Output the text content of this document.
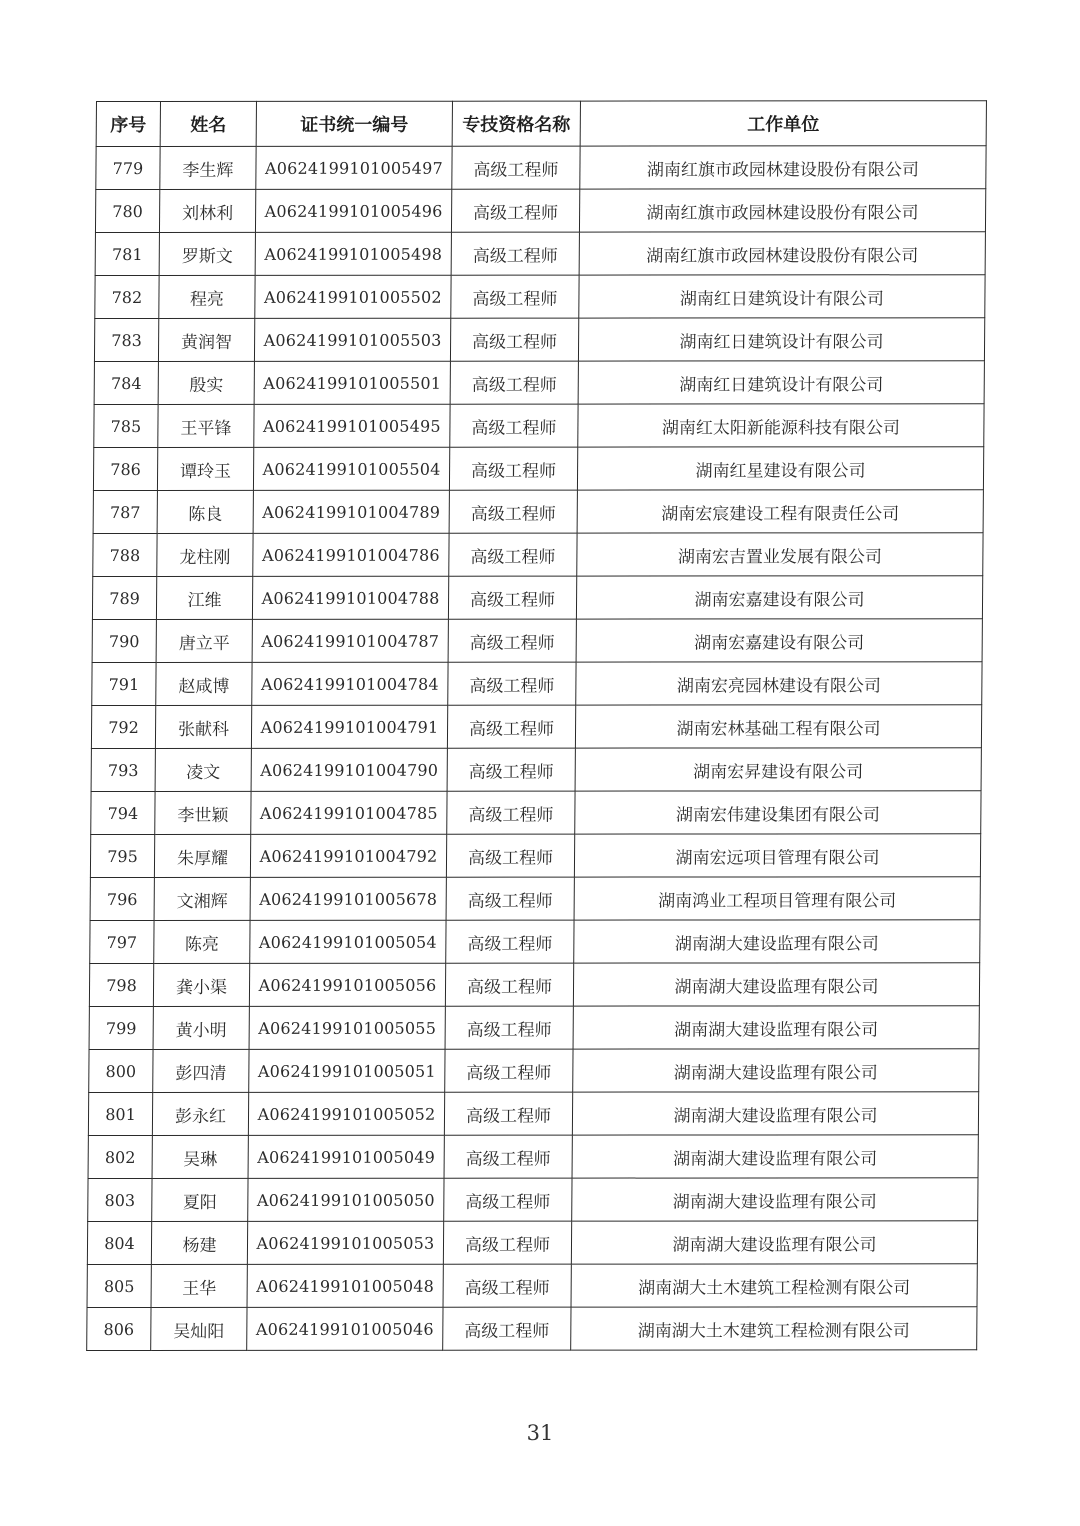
序号	姓名	证书统一编号	专技资格名称	工作单位
779	李生辉	A0624199101005497	高级工程师	湖南红旗市政园林建设股份有限公司
780	刘林利	A0624199101005496	高级工程师	湖南红旗市政园林建设股份有限公司
781	罗斯文	A0624199101005498	高级工程师	湖南红旗市政园林建设股份有限公司
782	程亮	A0624199101005502	高级工程师	湖南红日建筑设计有限公司
783	黄润智	A0624199101005503	高级工程师	湖南红日建筑设计有限公司
784	殷实	A0624199101005501	高级工程师	湖南红日建筑设计有限公司
785	王平锋	A0624199101005495	高级工程师	湖南红太阳新能源科技有限公司
786	谭玲玉	A0624199101005504	高级工程师	湖南红星建设有限公司
787	陈良	A0624199101004789	高级工程师	湖南宏宸建设工程有限责任公司
788	龙柱刚	A0624199101004786	高级工程师	湖南宏吉置业发展有限公司
789	江维	A0624199101004788	高级工程师	湖南宏嘉建设有限公司
790	唐立平	A0624199101004787	高级工程师	湖南宏嘉建设有限公司
791	赵咸博	A0624199101004784	高级工程师	湖南宏亮园林建设有限公司
792	张献科	A0624199101004791	高级工程师	湖南宏林基础工程有限公司
793	凌文	A0624199101004790	高级工程师	湖南宏昇建设有限公司
794	李世颖	A0624199101004785	高级工程师	湖南宏伟建设集团有限公司
795	朱厚耀	A0624199101004792	高级工程师	湖南宏远项目管理有限公司
796	文湘辉	A0624199101005678	高级工程师	湖南鸿业工程项目管理有限公司
797	陈亮	A0624199101005054	高级工程师	湖南湖大建设监理有限公司
798	龚小渠	A0624199101005056	高级工程师	湖南湖大建设监理有限公司
799	黄小明	A0624199101005055	高级工程师	湖南湖大建设监理有限公司
800	彭四清	A0624199101005051	高级工程师	湖南湖大建设监理有限公司
801	彭永红	A0624199101005052	高级工程师	湖南湖大建设监理有限公司
802	吴琳	A0624199101005049	高级工程师	湖南湖大建设监理有限公司
803	夏阳	A0624199101005050	高级工程师	湖南湖大建设监理有限公司
804	杨建	A0624199101005053	高级工程师	湖南湖大建设监理有限公司
805	王华	A0624199101005048	高级工程师	湖南湖大土木建筑工程检测有限公司
806	吴灿阳	A0624199101005046	高级工程师	湖南湖大土木建筑工程检测有限公司
31
